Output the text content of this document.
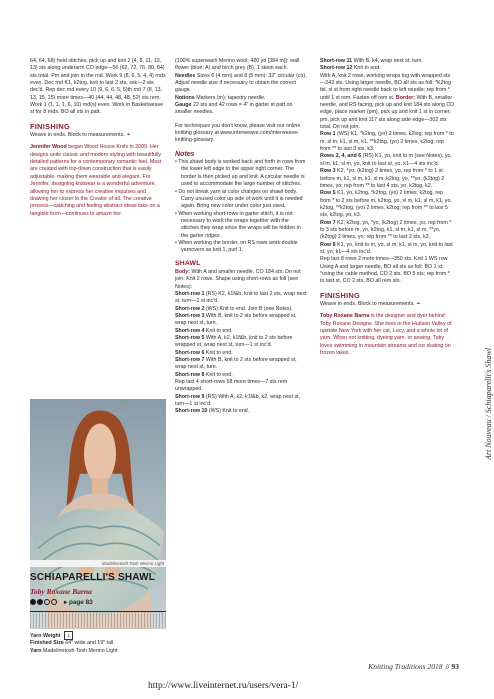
64, 64, 68) held stitches, pick up and knit 2 (4, 8, 11, 13, 13) sts along underarm CO edge—56 (62, 72, 76, 80, 84) sts total. Pm and join in the rnd. Work 9 (8, 6, 5, 4, 4) rnds even. Dec rnd K1, k2tog, knit to last 2 sts, ssk—2 sts dec'd. Rep dec rnd every 10 (9, 6, 6, 5, 5)th rnd 7 (8, 13, 13, 15, 15) more times—40 (44, 44, 48, 48, 52) sts rem. Work 1 (1, 1, 1, 6, 10) rnd(s) even. Work in Basketweave st for 8 rnds. BO all sts in patt.

FINISHING

Weave in ends. Block to measurements. ❧

Jennifer Wood began Wood House Knits in 2009. Her designs unite classic and modern styling with beautifully detailed patterns for a contemporary romantic feel. Most are created with top-down construction that is easily adjustable, making them wearable and elegant. For Jennifer, designing knitwear is a wonderful adventure, allowing her to express her creative impulses and drawing her closer to the Creator of all. The creative process—watching and feeling abstract ideas take on a tangible form—continues to amaze her.

Madelinetosh Tosh Merino Light
SCHIAPARELLI'S SHAWL
Toby Roxane Barna
▸ page 83
Yarn Weight 1
Finished Size 64" wide and 19" tall.
Yarn Madelinetosh Tosh Merino Light

(100% superwash Merino wool; 420 yd [384 m]): wall flower (blue; A) and birch grey (B), 1 skein each.

Needles Sizes 6 (4 mm) and 8 (5 mm): 32" circular (cir). Adjust needle size if necessary to obtain the correct gauge.

Notions Markers (m); tapestry needle.

Gauge 22 sts and 42 rows = 4" in garter st patt on smaller needles.

For techniques you don't know, please visit our online knitting glossary at www.interweave.com/interweave-knitting-glossary.

Notes

• This shawl body is worked back and forth in rows from the lower left edge to the upper right corner. The border is then picked up and knit. A circular needle is used to accommodate the large number of stitches.

• Do not break yarn at color changes on shawl body. Carry unused color up side of work until it is needed again. Bring new color under color just used.

• When working short-rows in garter stitch, it is not necessary to work the wraps together with the stitches they wrap since the wraps will be hidden in the garter ridges.

• When working the border, on RS rows work double yarnovers as knit 1, purl 1.

SHAWL

Body: With A and smaller needle, CO 184 sts. Do not join. Knit 2 rows. Shape using short-rows as foll (see Notes):

Short-row 1 (RS) K2, k1f&b, knit to last 2 sts, wrap next st, turn—1 st inc'd.

Short-row 2 (WS) Knit to end. Join B (see Notes).

Short-row 3 With B, knit to 2 sts before wrapped st, wrap next st, turn.

Short-row 4 Knit to end.

Short-row 5 With A, k2, k1f&b, knit to 2 sts before wrapped st, wrap next st, turn—1 st inc'd.

Short-row 6 Knit to end.

Short-row 7 With B, knit to 2 sts before wrapped st, wrap next st, turn.

Short-row 8 Knit to end.

Rep last 4 short-rows 58 more times—7 sts rem unwrapped.

Short-row 9 (RS) With A, k2, k1f&b, k2, wrap next st, turn—1 st inc'd.

Short-row 10 (WS) Knit to end.

Short-row 11 With B, k4, wrap next st, turn.

Short-row 12 Knit to end.

With A, knit 2 rows, working wraps tog with wrapped sts—243 sts. Using larger needle, BO all sts as foll: *K2tog tbl, sl st from right needle back to left needle; rep from * until 1 st rem. Fasten off rem st. Border: With B, smaller needle, and RS facing, pick up and knit 184 sts along CO edge, place marker (pm), pick up and knit 1 st in corner, pm, pick up and knit 117 sts along side edge—302 sts total. Do not join.

Row 1 (WS) K1, *k2tog, (yo) 2 times, k2tog, rep from * to m, sl m, k1, sl m, k1, **k2tog, (yo) 2 times, k2tog; rep from ** to last 3 sts, k3.

Rows 2, 4, and 6 (RS) K1, yo, knit to m (see Notes), yo, sl m, k1, sl m, yo, knit to last st, yo, k1—4 sts inc'd.

Row 3 K2, *yo, (k2tog) 2 times, yo, rep from * to 1 st before m, k1, sl m, k1, sl m, k2tog, yo, **yo, (k2tog) 2 times, yo; rep from ** to last 4 sts, yo, k2tog, k2.

Row 5 K1, yo, k2tog, *k2tog, (yo) 2 times, k2tog, rep from * to 2 sts before m, k2tog, yo, sl m, k1, sl m, k1, yo, k2tog, **k2tog, (yo) 2 times, k2tog; rep from ** to last 5 sts, k2tog, yo, k3.

Row 7 K2, k2tog, yo, *yo, (k2tog) 2 times, yo, rep from * to 3 sts before m, yo, k2tog, k1, sl m, k1, sl m, **yo, (k2tog) 2 times, yo; rep from ** to last 2 sts, k2.

Row 8 K1, yo, knit to m, yo, sl m, k1, sl m, yo, knit to last st, yo, k1—4 sts inc'd.

Rep last 8 rows 2 more times—350 sts. Knit 1 WS row. Using A and larger needle, BO all sts as foll: BO 1 st, *using the cable method, CO 2 sts, BO 5 sts; rep from * to last st, CO 2 sts, BO all rem sts.

FINISHING

Weave in ends. Block to measurements. ❧

Toby Roxane Barna is the designer and dyer behind Toby Roxane Designs. She lives in the Hudson Valley of upstate New York with her cat, Lucy, and a whole lot of yarn. When not knitting, dyeing yarn, or sewing, Toby loves swimming in mountain streams and ice skating on frozen lakes.	Art Nouveau / Schiaparelli's Shawl
Knitting Traditions 2018 // 93
http://www.liveinternet.ru/users/vera-1/
